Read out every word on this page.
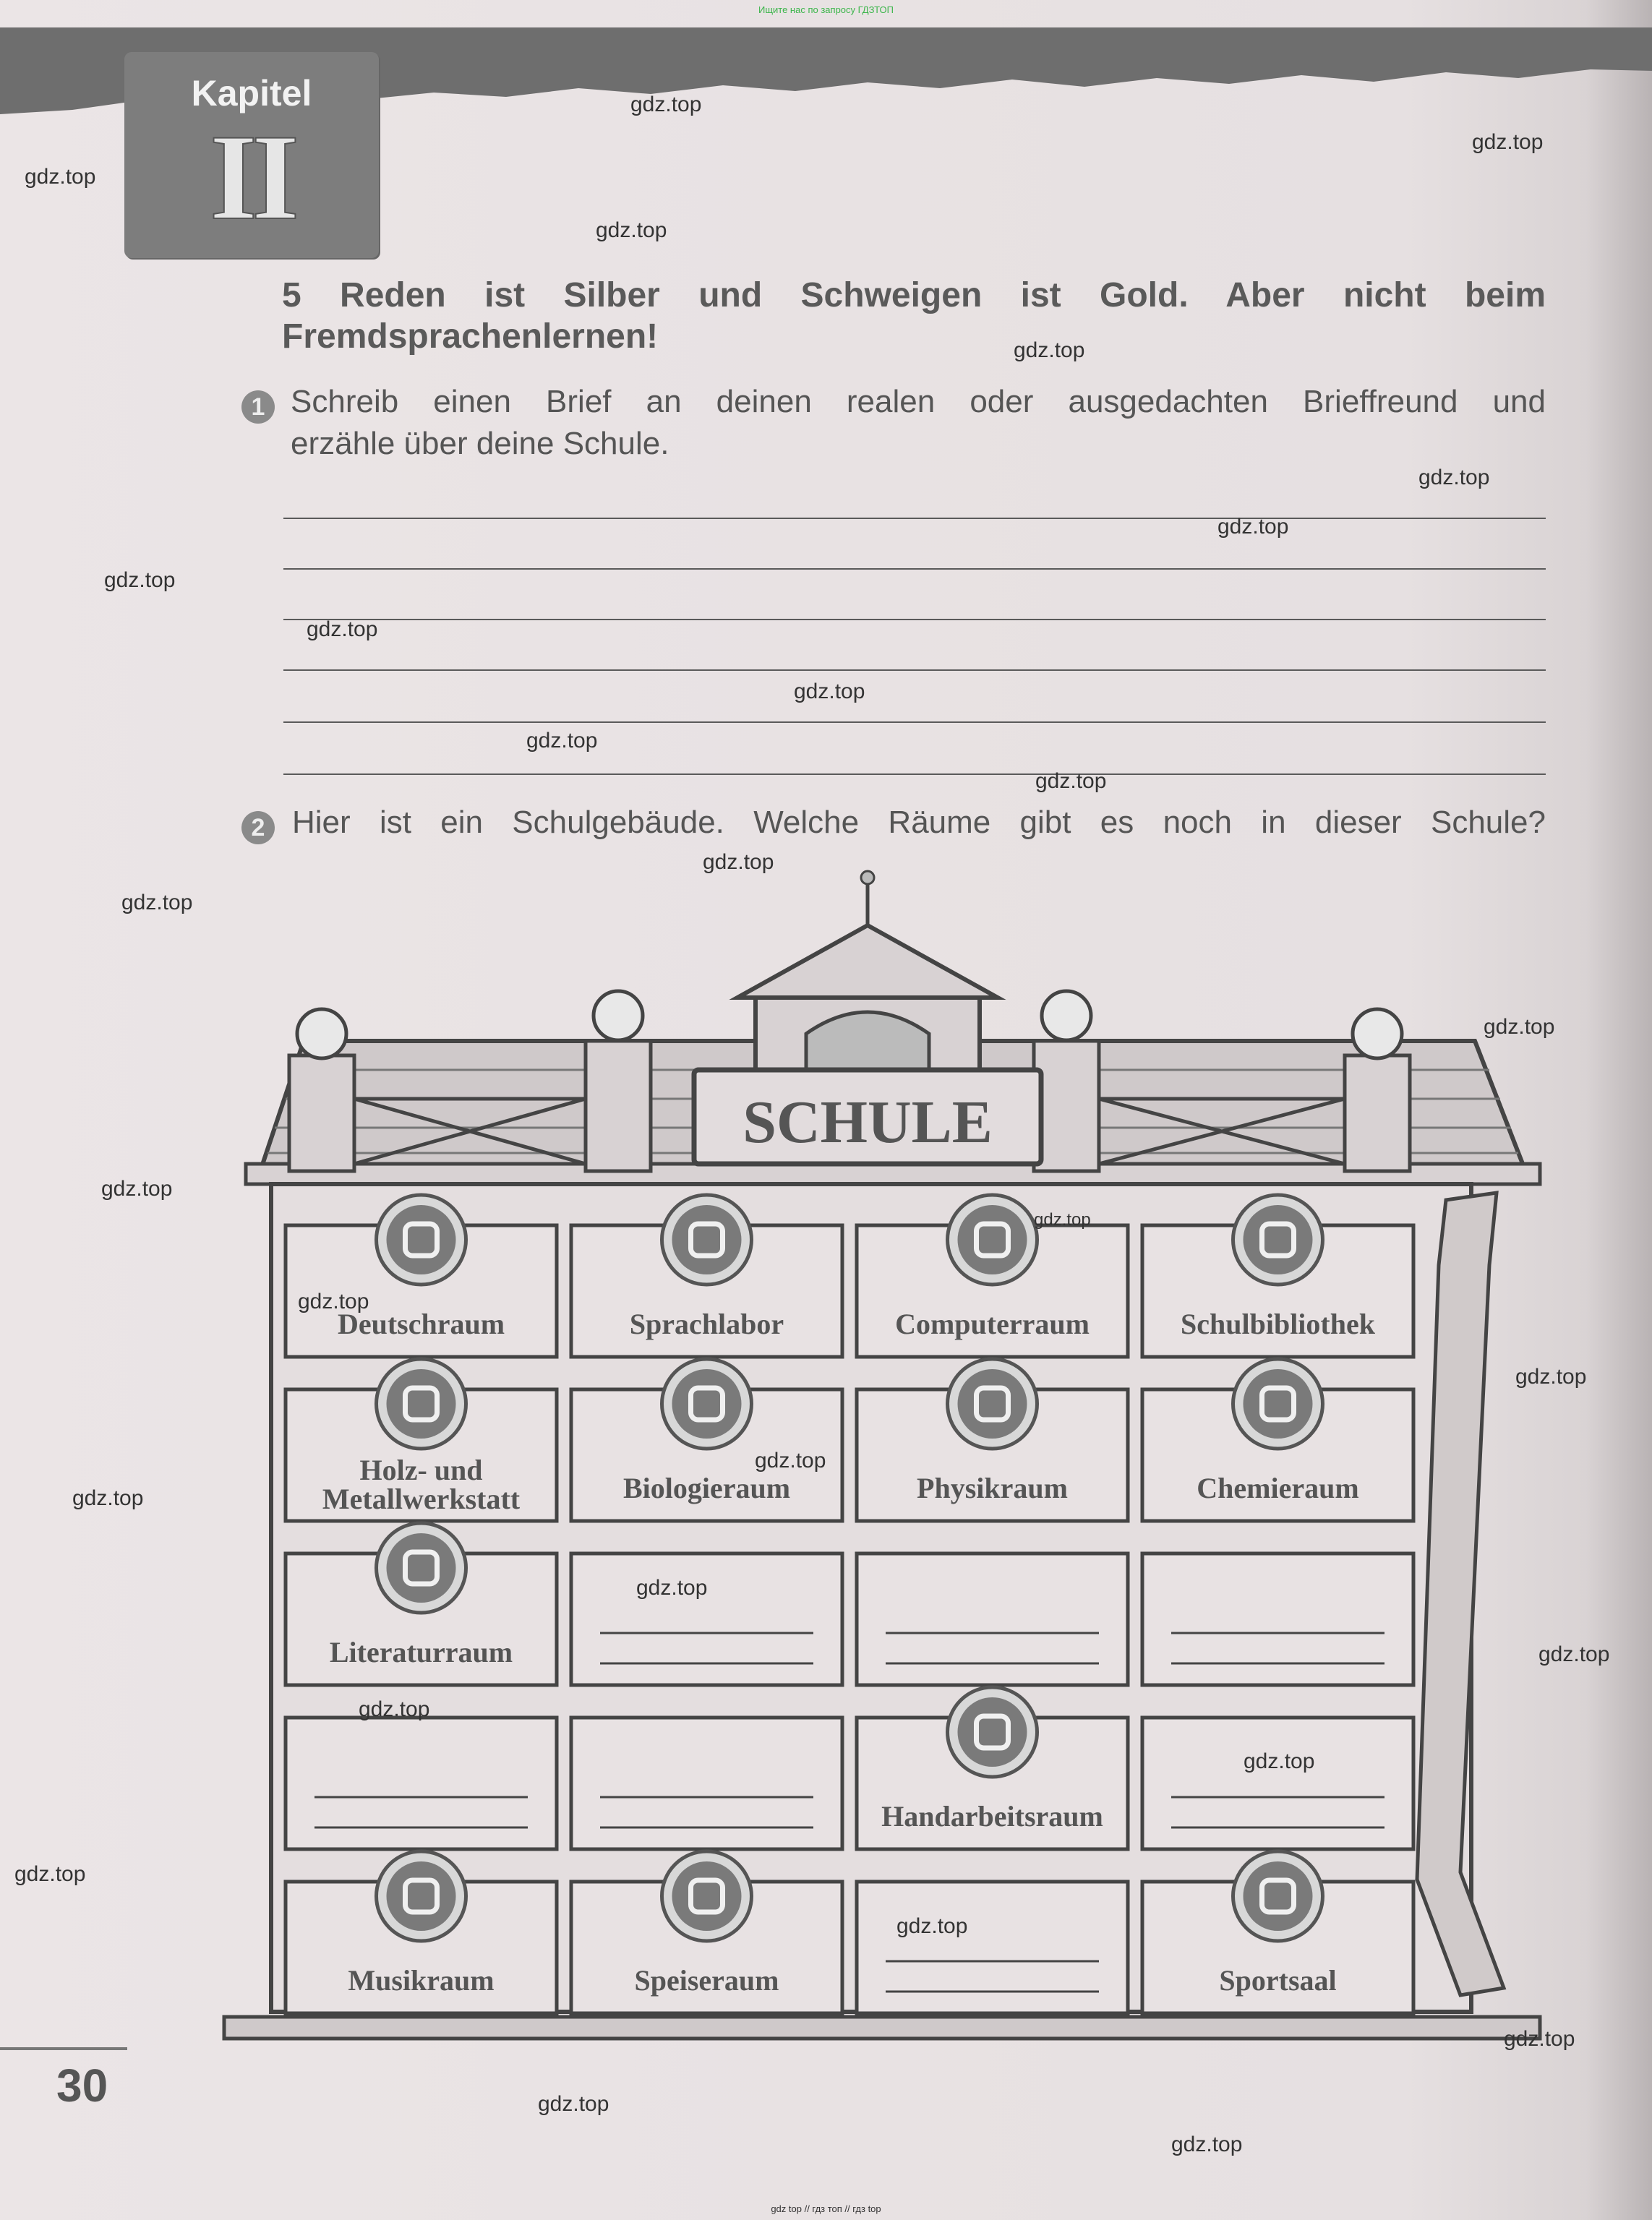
Ищите нас по запросу ГДЗТОП
Kapitel
II
5 Reden ist Silber und Schweigen ist Gold. Aber nicht beim
Fremdsprachenlernen!
1 Schreib einen Brief an deinen realen oder ausgedachten Brieffreund und
erzähle über deine Schule.
2 Hier ist ein Schulgebäude. Welche Räume gibt es noch in dieser Schule?
SCHULE
Deutschraum	Sprachlabor	Computerraum	Schulbibliothek
Holz- und
Metallwerkstatt	Biologieraum	Physikraum	Chemieraum
Literaturraum
Handarbeitsraum
Musikraum	Speiseraum	Sportsaal
30
gdz.top
gdz.top
gdz.top
gdz.top
gdz.top
gdz.top
gdz.top
gdz.top
gdz.top
gdz.top
gdz.top
gdz.top
gdz.top
gdz.top
gdz.top
gdz.top
gdz.top
gdz.top
gdz.top
gdz.top
gdz.top
gdz.top
gdz.top
gdz.top
gdz.top
gdz.top
gdz.top
gdz.top
gdz.top
gdz.top
gdz top // гдз топ // гдз top
